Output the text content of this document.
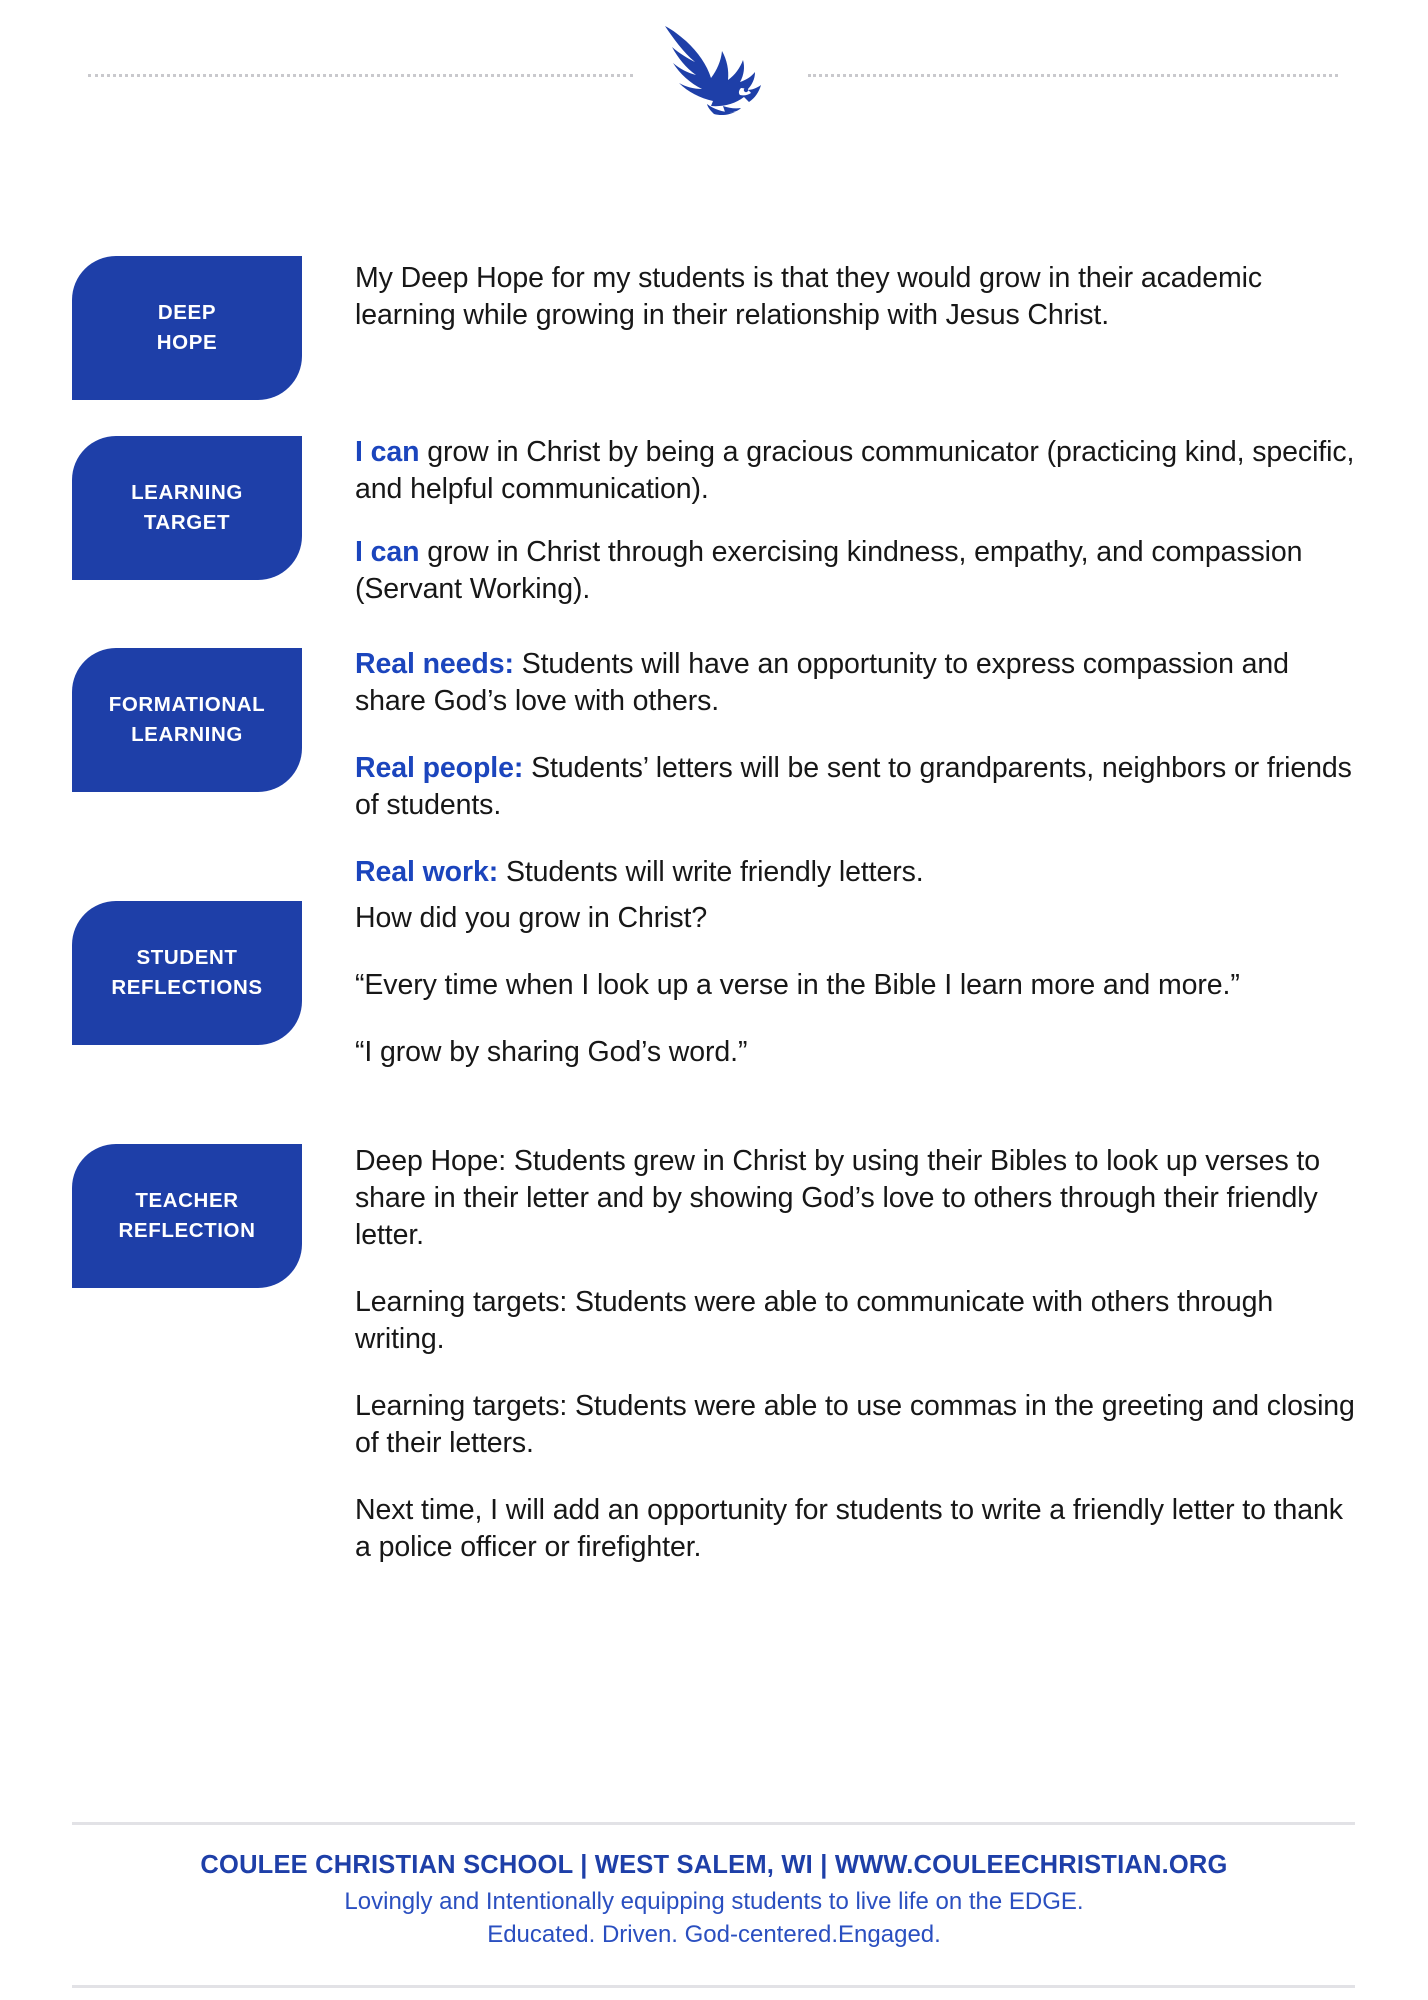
DEEP
HOPE

My Deep Hope for my students is that they would grow in their academic learning while growing in their relationship with Jesus Christ.

LEARNING
TARGET

I can grow in Christ by being a gracious communicator (practicing kind, specific, and helpful communication).

I can grow in Christ through exercising kindness, empathy, and compassion (Servant Working).

FORMATIONAL
LEARNING

Real needs: Students will have an opportunity to express compassion and share God’s love with others.

Real people: Students’ letters will be sent to grandparents, neighbors or friends of students.

Real work: Students will write friendly letters.

STUDENT
REFLECTIONS

How did you grow in Christ?

“Every time when I look up a verse in the Bible I learn more and more.”

“I grow by sharing God’s word.”

TEACHER
REFLECTION

Deep Hope: Students grew in Christ by using their Bibles to look up verses to share in their letter and by showing God’s love to others through their friendly letter.

Learning targets: Students were able to communicate with others through writing.

Learning targets: Students were able to use commas in the greeting and closing of their letters.

Next time, I will add an opportunity for students to write a friendly letter to thank a police officer or firefighter.

COULEE CHRISTIAN SCHOOL | WEST SALEM, WI | WWW.COULEECHRISTIAN.ORG
Lovingly and Intentionally equipping students to live life on the EDGE.
Educated. Driven. God-centered.Engaged.
